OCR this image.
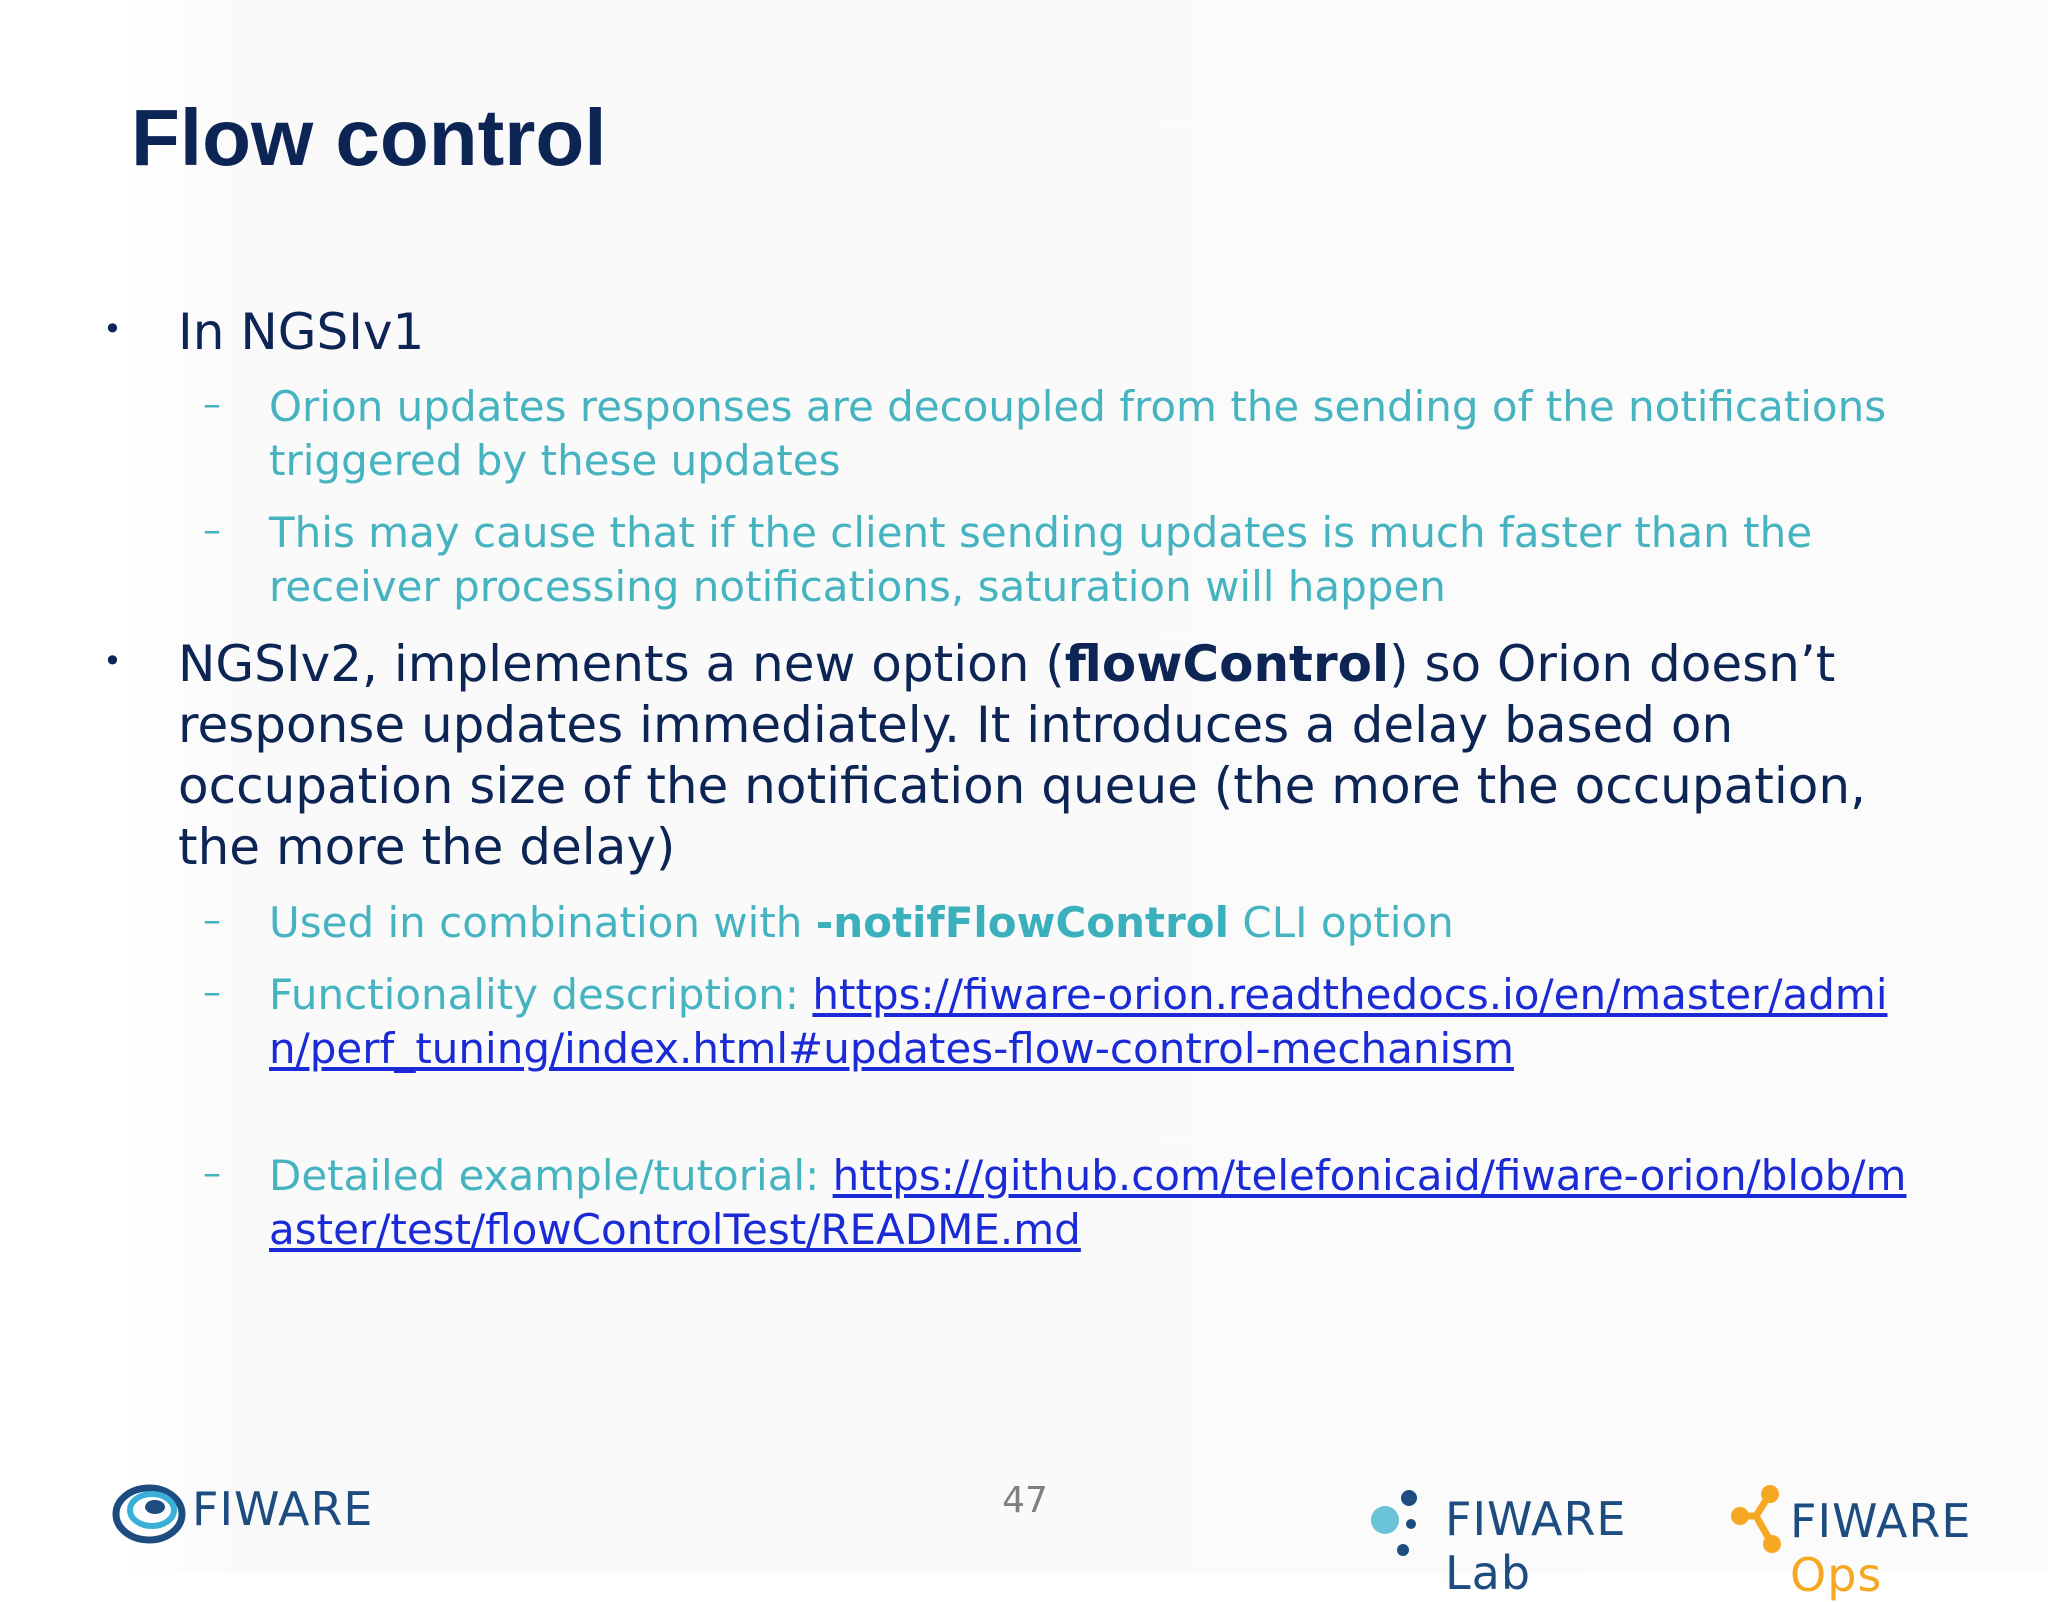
Flow control
• In NGSIv1
– Orion updates responses are decoupled from the sending of the notifications triggered by these updates
– This may cause that if the client sending updates is much faster than the receiver processing notifications, saturation will happen
• NGSIv2, implements a new option (flowControl) so Orion doesn’t response updates immediately. It introduces a delay based on occupation size of the notification queue (the more the occupation, the more the delay)
– Used in combination with -notifFlowControl CLI option
– Functionality description: https://fiware-orion.readthedocs.io/en/master/admin/perf_tuning/index.html#updates-flow-control-mechanism
– Detailed example/tutorial: https://github.com/telefonicaid/fiware-orion/blob/master/test/flowControlTest/README.md
47
FIWARE	FIWARE Lab
FIWARE Ops
